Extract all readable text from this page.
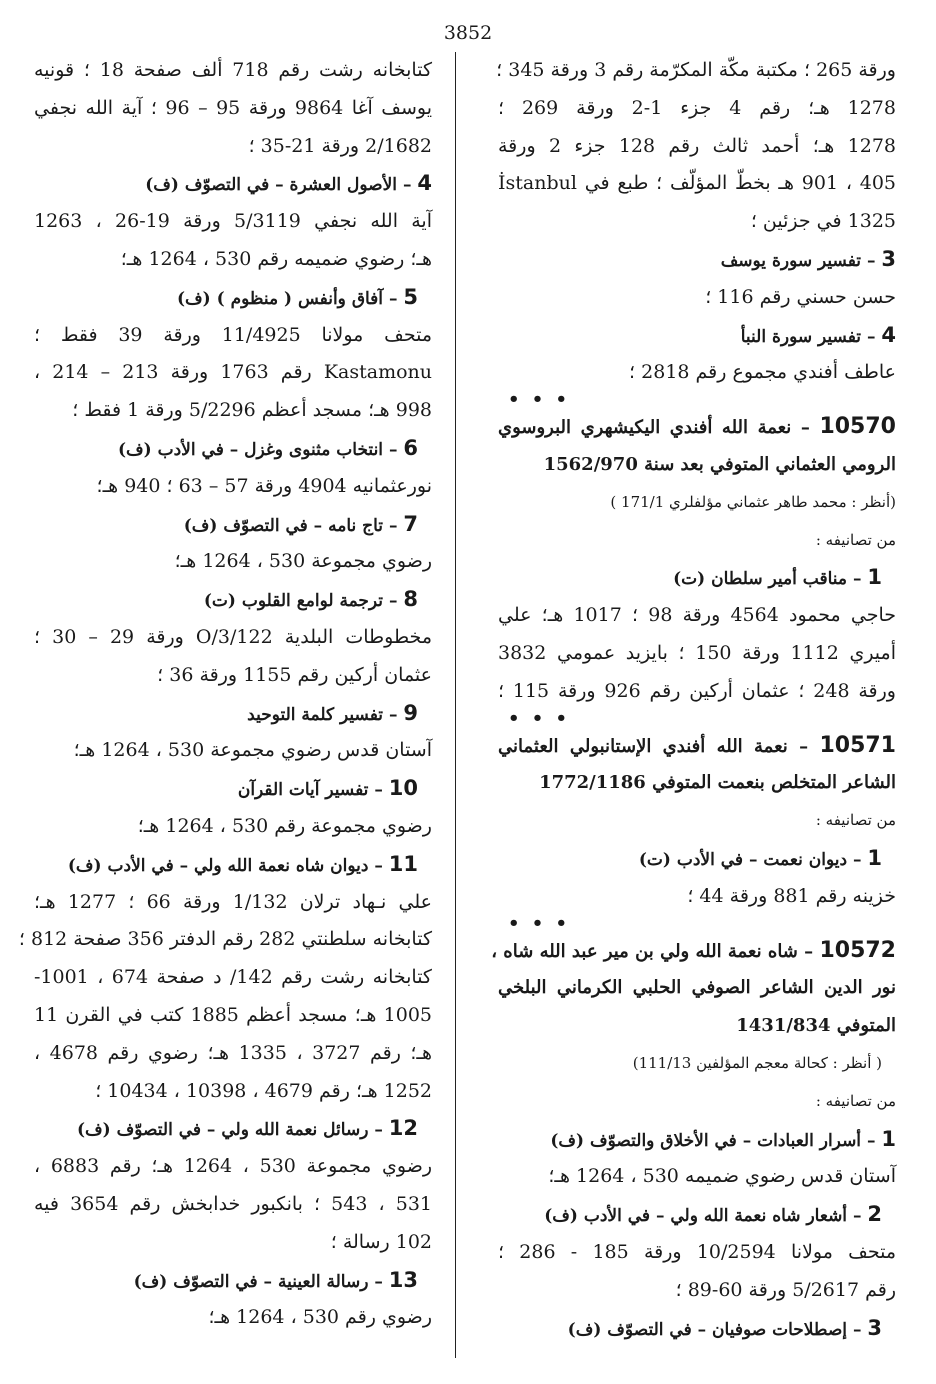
3852
ورقة 265 ؛ مكتبة مكّة المكرّمة رقم 3 ورقة 345 ؛
1278 هـ؛ رقم 4 جزء 1-2 ورقة 269 ؛
1278 هـ؛ أحمد ثالث رقم 128 جزء 2 ورقة
405 ، 901 هـ بخطّ المؤلّف ؛ طبع في İstanbul
1325 في جزئين ؛
3 – تفسير سورة يوسف
حسن حسني رقم 116 ؛
4 – تفسير سورة النبأ
عاطف أفندي مجموع رقم 2818 ؛
• • •
10570 – نعمة الله أفندي اليكيشهري البروسوي
الرومي العثماني المتوفي بعد سنة 1562/970
(أنظر : محمد طاهر عثماني مؤلفلري 171/1 )
من تصانيفه :
1 – مناقب أمير سلطان (ت)
حاجي محمود 4564 ورقة 98 ؛ 1017 هـ؛ علي
أميري 1112 ورقة 150 ؛ بايزيد عمومي 3832
ورقة 248 ؛ عثمان أركين رقم 926 ورقة 115 ؛
• • •
10571 – نعمة الله أفندي الإستانبولي العثماني
الشاعر المتخلص بنعمت المتوفي 1772/1186
من تصانيفه :
1 – ديوان نعمت – في الأدب (ت)
خزينه رقم 881 ورقة 44 ؛
• • •
10572 – شاه نعمة الله ولي بن مير عبد الله شاه ،
نور الدين الشاعر الصوفي الحلبي الكرماني البلخي
المتوفي 1431/834
( أنظر : كحالة معجم المؤلفين 111/13)
من تصانيفه :
1 – أسرار العبادات – في الأخلاق والتصوّف (ف)
آستان قدس رضوي ضميمه 530 ، 1264 هـ؛
2 – أشعار شاه نعمة الله ولي – في الأدب (ف)
متحف مولانا 10/2594 ورقة 185 - 286 ؛
رقم 5/2617 ورقة 60-89 ؛
3 – إصطلاحات صوفيان – في التصوّف (ف)
كتابخانه رشت رقم 718 ألف صفحة 18 ؛ قونيه
يوسف آغا 9864 ورقة 95 – 96 ؛ آية الله نجفي
2/1682 ورقة 21-35 ؛
4 – الأصول العشرة – في التصوّف (ف)
آية الله نجفي 5/3119 ورقة 19-26 ، 1263
هـ؛ رضوي ضميمه رقم 530 ، 1264 هـ؛
5 – آفاق وأنفس ( منظوم ) (ف)
متحف مولانا 11/4925 ورقة 39 فقط ؛
Kastamonu رقم 1763 ورقة 213 – 214 ،
998 هـ؛ مسجد أعظم 5/2296 ورقة 1 فقط ؛
6 – انتخاب مثنوی وغزل – في الأدب (ف)
نورعثمانيه 4904 ورقة 57 – 63 ؛ 940 هـ؛
7 – تاج نامه – في التصوّف (ف)
رضوي مجموعة 530 ، 1264 هـ؛
8 – ترجمة لوامع القلوب (ت)
مخطوطات البلدية 3/122/O ورقة 29 – 30 ؛
عثمان أركين رقم 1155 ورقة 36 ؛
9 – تفسير كلمة التوحيد
آستان قدس رضوي مجموعة 530 ، 1264 هـ؛
10 – تفسير آيات القرآن
رضوي مجموعة رقم 530 ، 1264 هـ؛
11 – ديوان شاه نعمة الله ولي – في الأدب (ف)
علي نـهاد ترلان 1/132 ورقة 66 ؛ 1277 هـ؛
كتابخانه سلطنتي 282 رقم الدفتر 356 صفحة 812 ؛
كتابخانه رشت رقم 142/ د صفحة 674 ، 1001-
1005 هـ؛ مسجد أعظم 1885 كتب في القرن 11
هـ؛ رقم 3727 ، 1335 هـ؛ رضوي رقم 4678 ،
1252 هـ؛ رقم 4679 ، 10398 ، 10434 ؛
12 – رسائل نعمة الله ولي – في التصوّف (ف)
رضوي مجموعة 530 ، 1264 هـ؛ رقم 6883 ،
531 ، 543 ؛ بانكبور خدابخش رقم 3654 فيه
102 رسالة ؛
13 – رسالة العينية – في التصوّف (ف)
رضوي رقم 530 ، 1264 هـ؛
